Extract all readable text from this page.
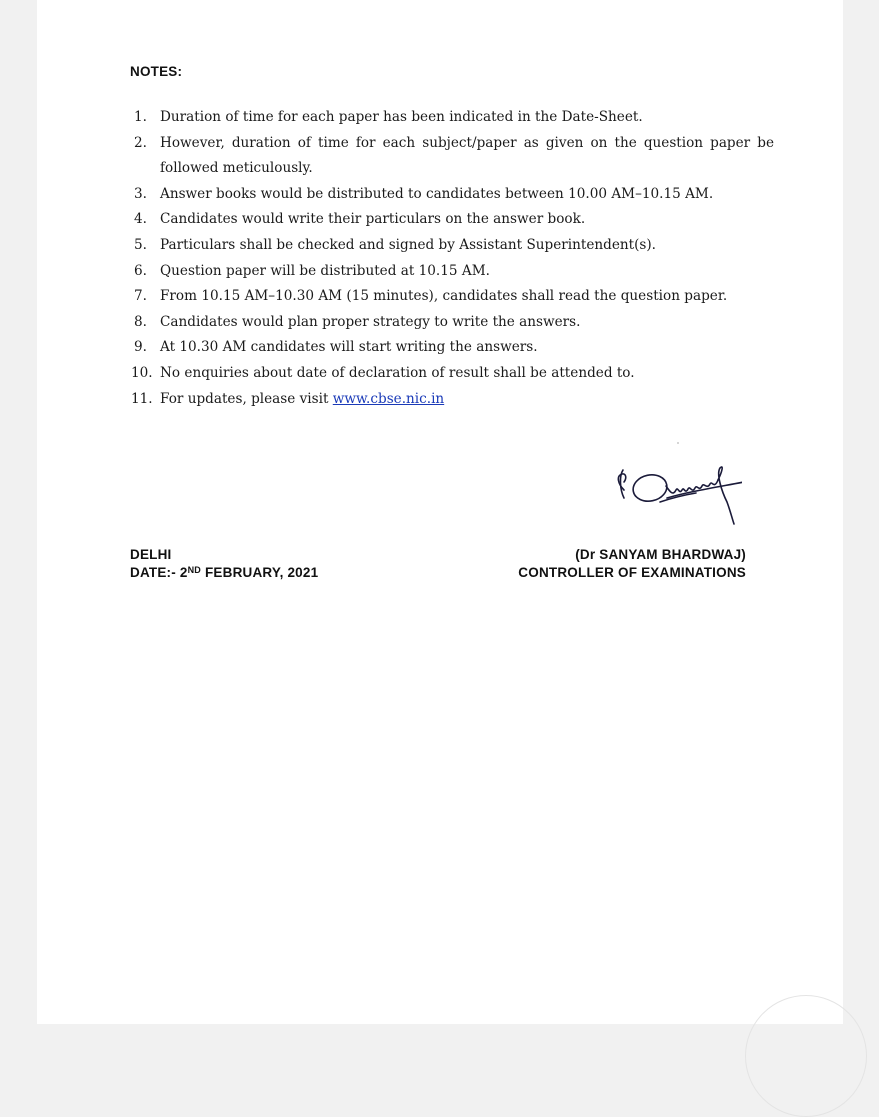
NOTES:
1. Duration of time for each paper has been indicated in the Date-Sheet.
2. However, duration of time for each subject/paper as given on the question paper be followed meticulously.
3. Answer books would be distributed to candidates between 10.00 AM–10.15 AM.
4. Candidates would write their particulars on the answer book.
5. Particulars shall be checked and signed by Assistant Superintendent(s).
6. Question paper will be distributed at 10.15 AM.
7. From 10.15 AM–10.30 AM (15 minutes), candidates shall read the question paper.
8. Candidates would plan proper strategy to write the answers.
9. At 10.30 AM candidates will start writing the answers.
10. No enquiries about date of declaration of result shall be attended to.
11. For updates, please visit www.cbse.nic.in
DELHI
DATE:- 2ND FEBRUARY, 2021
(Dr SANYAM BHARDWAJ)
CONTROLLER OF EXAMINATIONS
